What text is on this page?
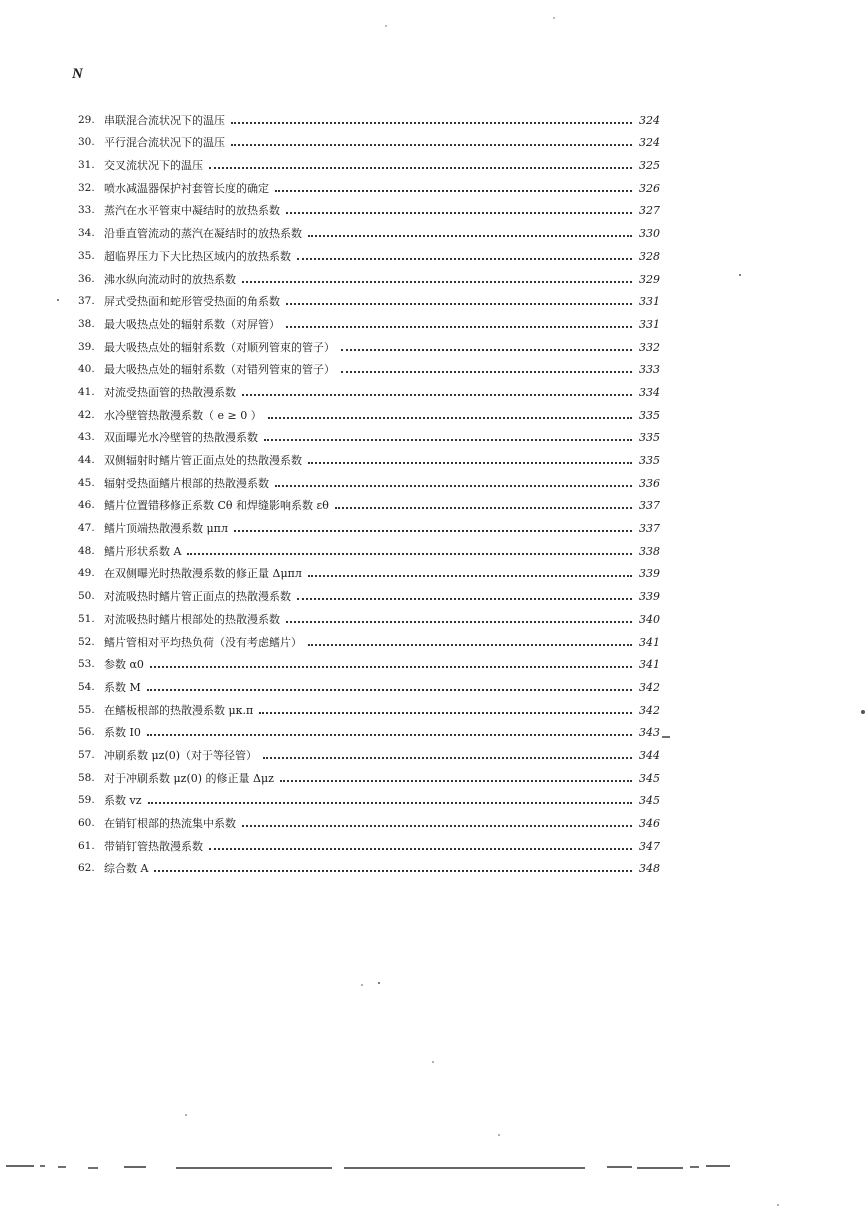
N
29. 串联混合流状况下的温压	324
30. 平行混合流状况下的温压	324
31. 交叉流状况下的温压	325
32. 喷水减温器保护衬套管长度的确定	326
33. 蒸汽在水平管束中凝结时的放热系数	327
34. 沿垂直管流动的蒸汽在凝结时的放热系数	330
35. 超临界压力下大比热区域内的放热系数	328
36. 沸水纵向流动时的放热系数	329
37. 屏式受热面和蛇形管受热面的角系数	331
38. 最大吸热点处的辐射系数（对屏管）	331
39. 最大吸热点处的辐射系数（对顺列管束的管子）	332
40. 最大吸热点处的辐射系数（对错列管束的管子）	333
41. 对流受热面管的热散漫系数	334
42. 水冷壁管热散漫系数（ e ≥ 0 ）	335
43. 双面曝光水冷壁管的热散漫系数	335
44. 双侧辐射时鳍片管正面点处的热散漫系数	335
45. 辐射受热面鳍片根部的热散漫系数	336
46. 鳍片位置错移修正系数 Cθ 和焊缝影响系数 εθ	337
47. 鳍片顶端热散漫系数 μпл	337
48. 鳍片形状系数 A	338
49. 在双侧曝光时热散漫系数的修正量 Δμпл	339
50. 对流吸热时鳍片管正面点的热散漫系数	339
51. 对流吸热时鳍片根部处的热散漫系数	340
52. 鳍片管相对平均热负荷（没有考虑鳍片）	341
53. 参数 α0	341
54. 系数 M	342
55. 在鳍板根部的热散漫系数 μк.п	342
56. 系数 I0	343
57. 冲刷系数 μz(0)（对于等径管）	344
58. 对于冲刷系数 μz(0) 的修正量 Δμz	345
59. 系数 vz	345
60. 在销钉根部的热流集中系数	346
61. 带销钉管热散漫系数	347
62. 综合数 A	348
